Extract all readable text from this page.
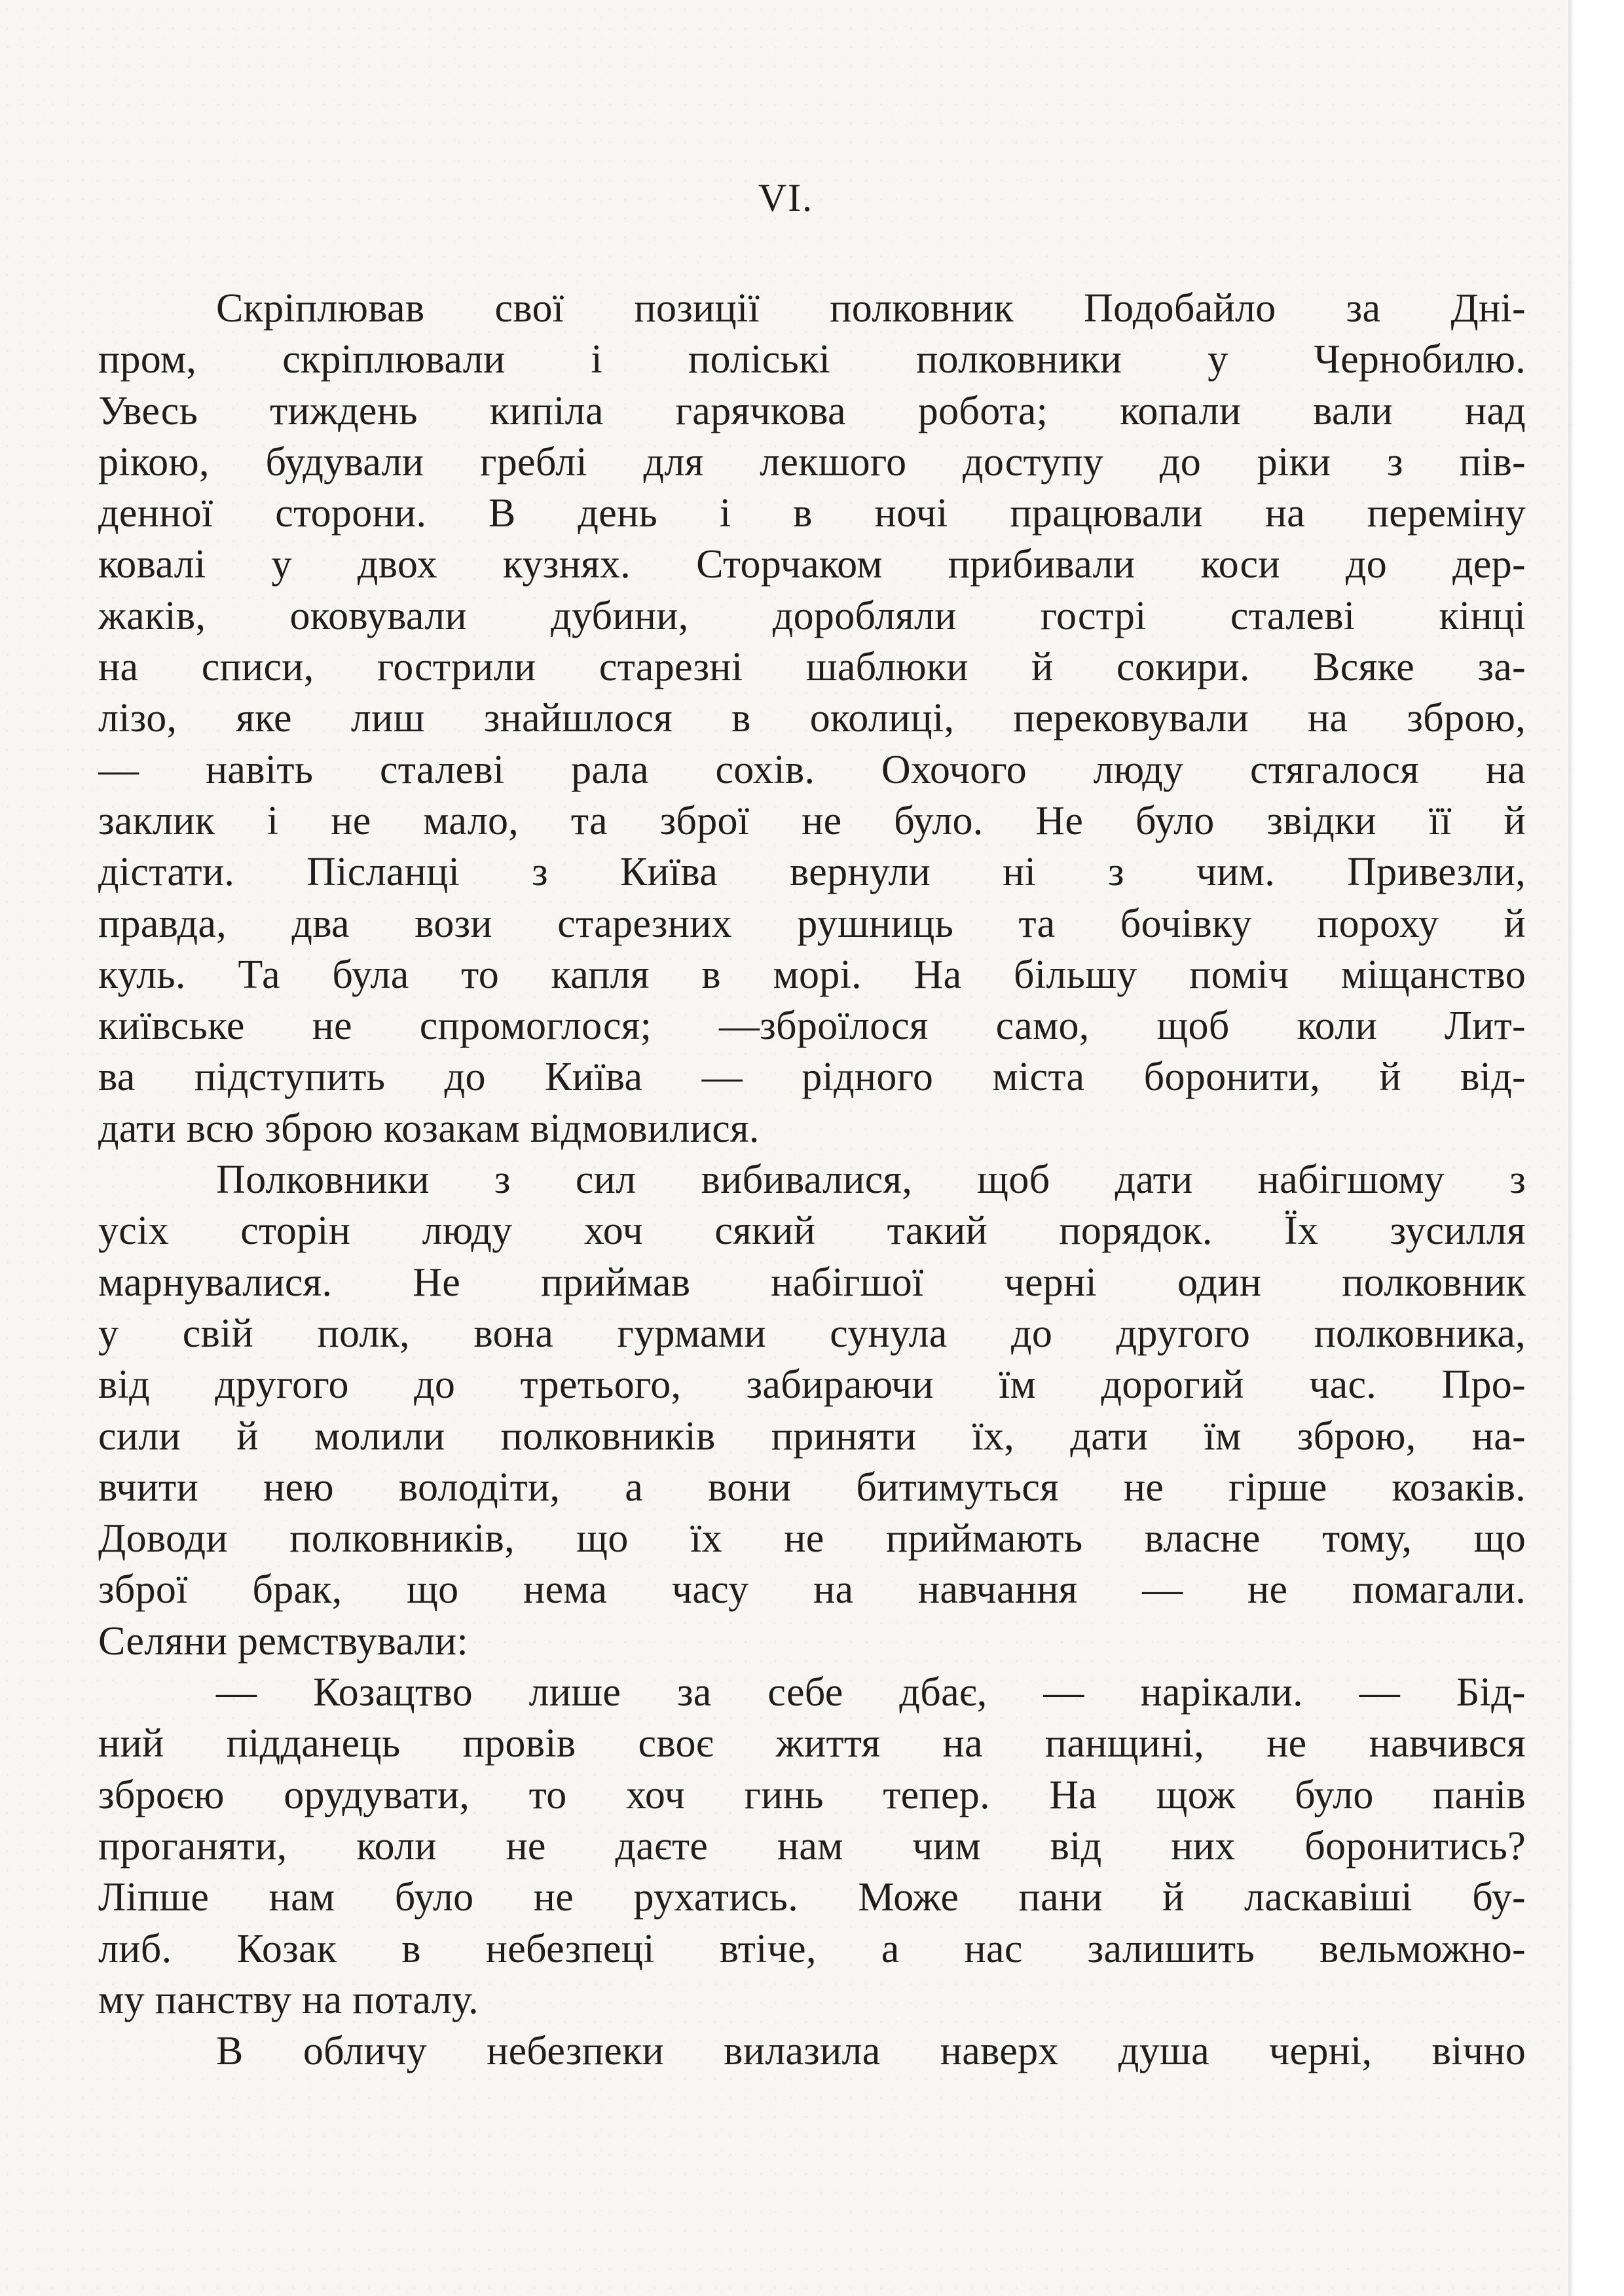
VI.
Скріплював свої позиції полковник Подобайло за Дні-
пром, скріплювали і поліські полковники у Чернобилю.
Увесь тиждень кипіла гарячкова робота; копали вали над
рікою, будували греблі для лекшого доступу до ріки з пів-
денної сторони. В день і в ночі працювали на переміну
ковалі у двох кузнях. Сторчаком прибивали коси до дер-
жаків, оковували дубини, доробляли гострі сталеві кінці
на списи, гострили старезні шаблюки й сокири. Всяке за-
лізо, яке лиш знайшлося в околиці, перековували на зброю,
— навіть сталеві рала сохів. Охочого люду стягалося на
заклик і не мало, та зброї не було. Не було звідки її й
дістати. Післанці з Київа вернули ні з чим. Привезли,
правда, два вози старезних рушниць та бочівку пороху й
куль. Та була то капля в морі. На більшу поміч міщанство
київське не спромоглося; —зброїлося само, щоб коли Лит-
ва підступить до Київа — рідного міста боронити, й від-
дати всю зброю козакам відмовилися.
Полковники з сил вибивалися, щоб дати набігшому з
усіх сторін люду хоч сякий такий порядок. Їх зусилля
марнувалися. Не приймав набігшої черні один полковник
у свій полк, вона гурмами сунула до другого полковника,
від другого до третього, забираючи їм дорогий час. Про-
сили й молили полковників приняти їх, дати їм зброю, на-
вчити нею володіти, а вони битимуться не гірше козаків.
Доводи полковників, що їх не приймають власне тому, що
зброї брак, що нема часу на навчання — не помагали.
Селяни ремствували:
— Козацтво лише за себе дбає, — нарікали. — Бід-
ний підданець провів своє життя на панщині, не навчився
зброєю орудувати, то хоч гинь тепер. На щож було панів
проганяти, коли не даєте нам чим від них боронитись?
Ліпше нам було не рухатись. Може пани й ласкавіші бу-
либ. Козак в небезпеці втіче, а нас залишить вельможно-
му панству на поталу.
В обличу небезпеки вилазила наверх душа черні, вічно
